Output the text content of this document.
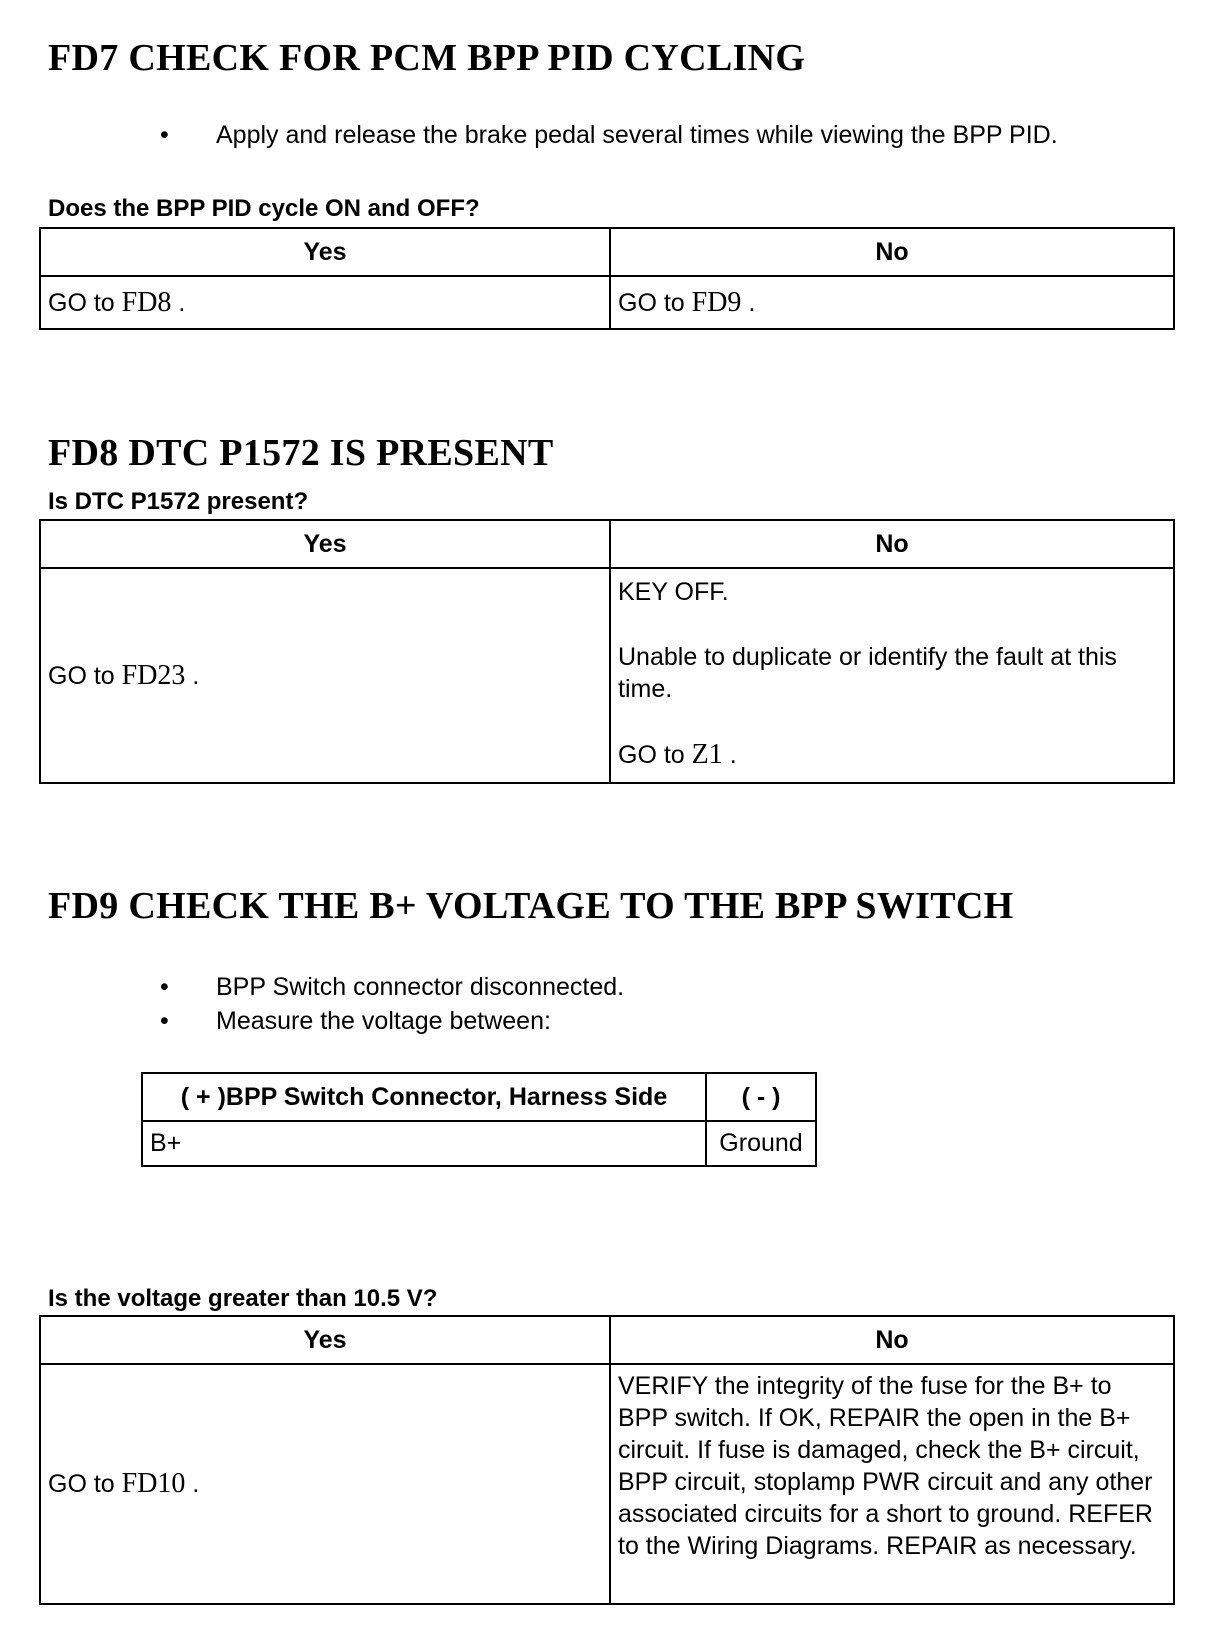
FD7 CHECK FOR PCM BPP PID CYCLING
• Apply and release the brake pedal several times while viewing the BPP PID.
Does the BPP PID cycle ON and OFF?
Yes	No
GO to FD8 .	GO to FD9 .
FD8 DTC P1572 IS PRESENT
Is DTC P1572 present?
Yes	No
GO to FD23 .	KEY OFF.

Unable to duplicate or identify the fault at this time.

GO to Z1 .

FD9 CHECK THE B+ VOLTAGE TO THE BPP SWITCH
• BPP Switch connector disconnected.
• Measure the voltage between:
( + )BPP Switch Connector, Harness Side	( - )
B+	Ground
Is the voltage greater than 10.5 V?
Yes	No
GO to FD10 .	VERIFY the integrity of the fuse for the B+ to BPP switch. If OK, REPAIR the open in the B+ circuit. If fuse is damaged, check the B+ circuit, BPP circuit, stoplamp PWR circuit and any other associated circuits for a short to ground. REFER to the Wiring Diagrams. REPAIR as necessary.
